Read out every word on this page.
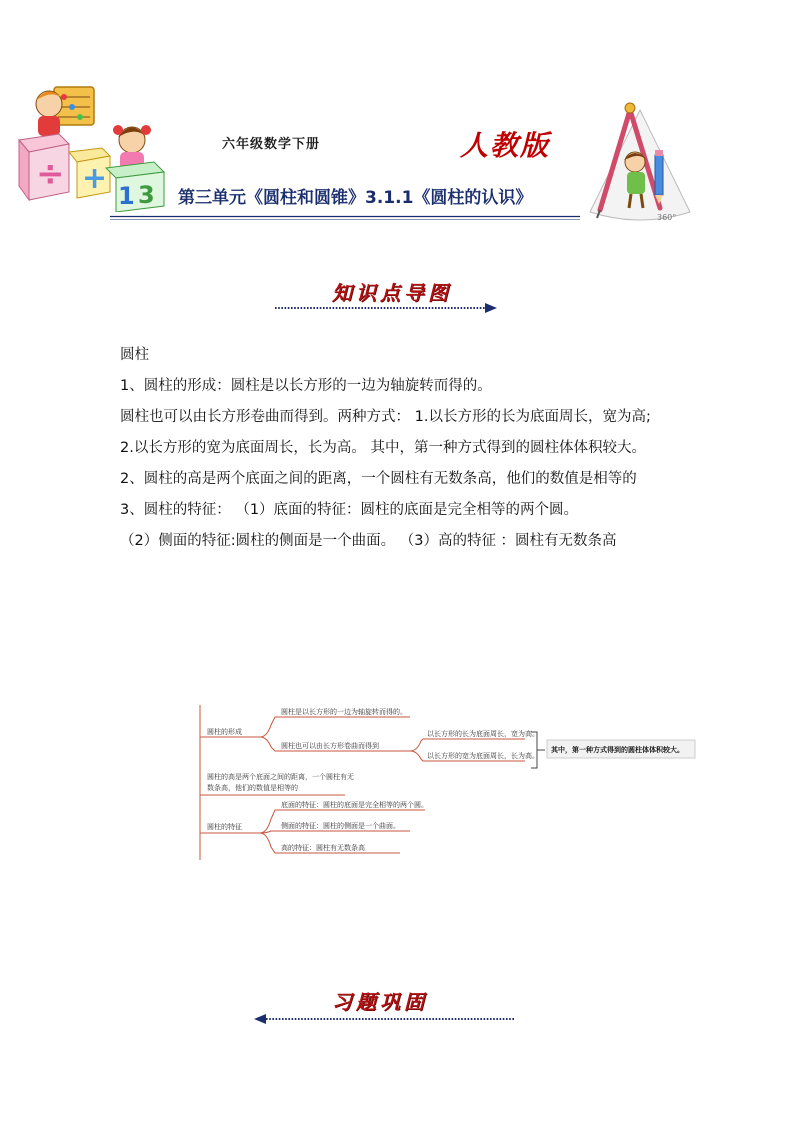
÷ + 1 3
360°
六年级数学下册	人教版
第三单元《圆柱和圆锥》3.1.1《圆柱的认识》
知识点导图

圆柱

1、圆柱的形成：圆柱是以长方形的一边为轴旋转而得的。

圆柱也可以由长方形卷曲而得到。两种方式： 1.以长方形的长为底面周长，宽为高;

2.以长方形的宽为底面周长，长为高。 其中，第一种方式得到的圆柱体体积较大。

2、圆柱的高是两个底面之间的距离，一个圆柱有无数条高，他们的数值是相等的

3、圆柱的特征： （1）底面的特征：圆柱的底面是完全相等的两个圆。

（2）侧面的特征:圆柱的侧面是一个曲面。 （3）高的特征 ：圆柱有无数条高

圆柱的形成
圆柱是以长方形的一边为轴旋转而得的。
圆柱也可以由长方形卷曲而得到
以长方形的长为底面周长，宽为高。
以长方形的宽为底面周长，长为高。
其中，第一种方式得到的圆柱体体积较大。
圆柱的高是两个底面之间的距离，一个圆柱有无
数条高，他们的数值是相等的
圆柱的特征
底面的特征：圆柱的底面是完全相等的两个圆。
侧面的特征：圆柱的侧面是一个曲面。
高的特征：圆柱有无数条高
习题巩固
